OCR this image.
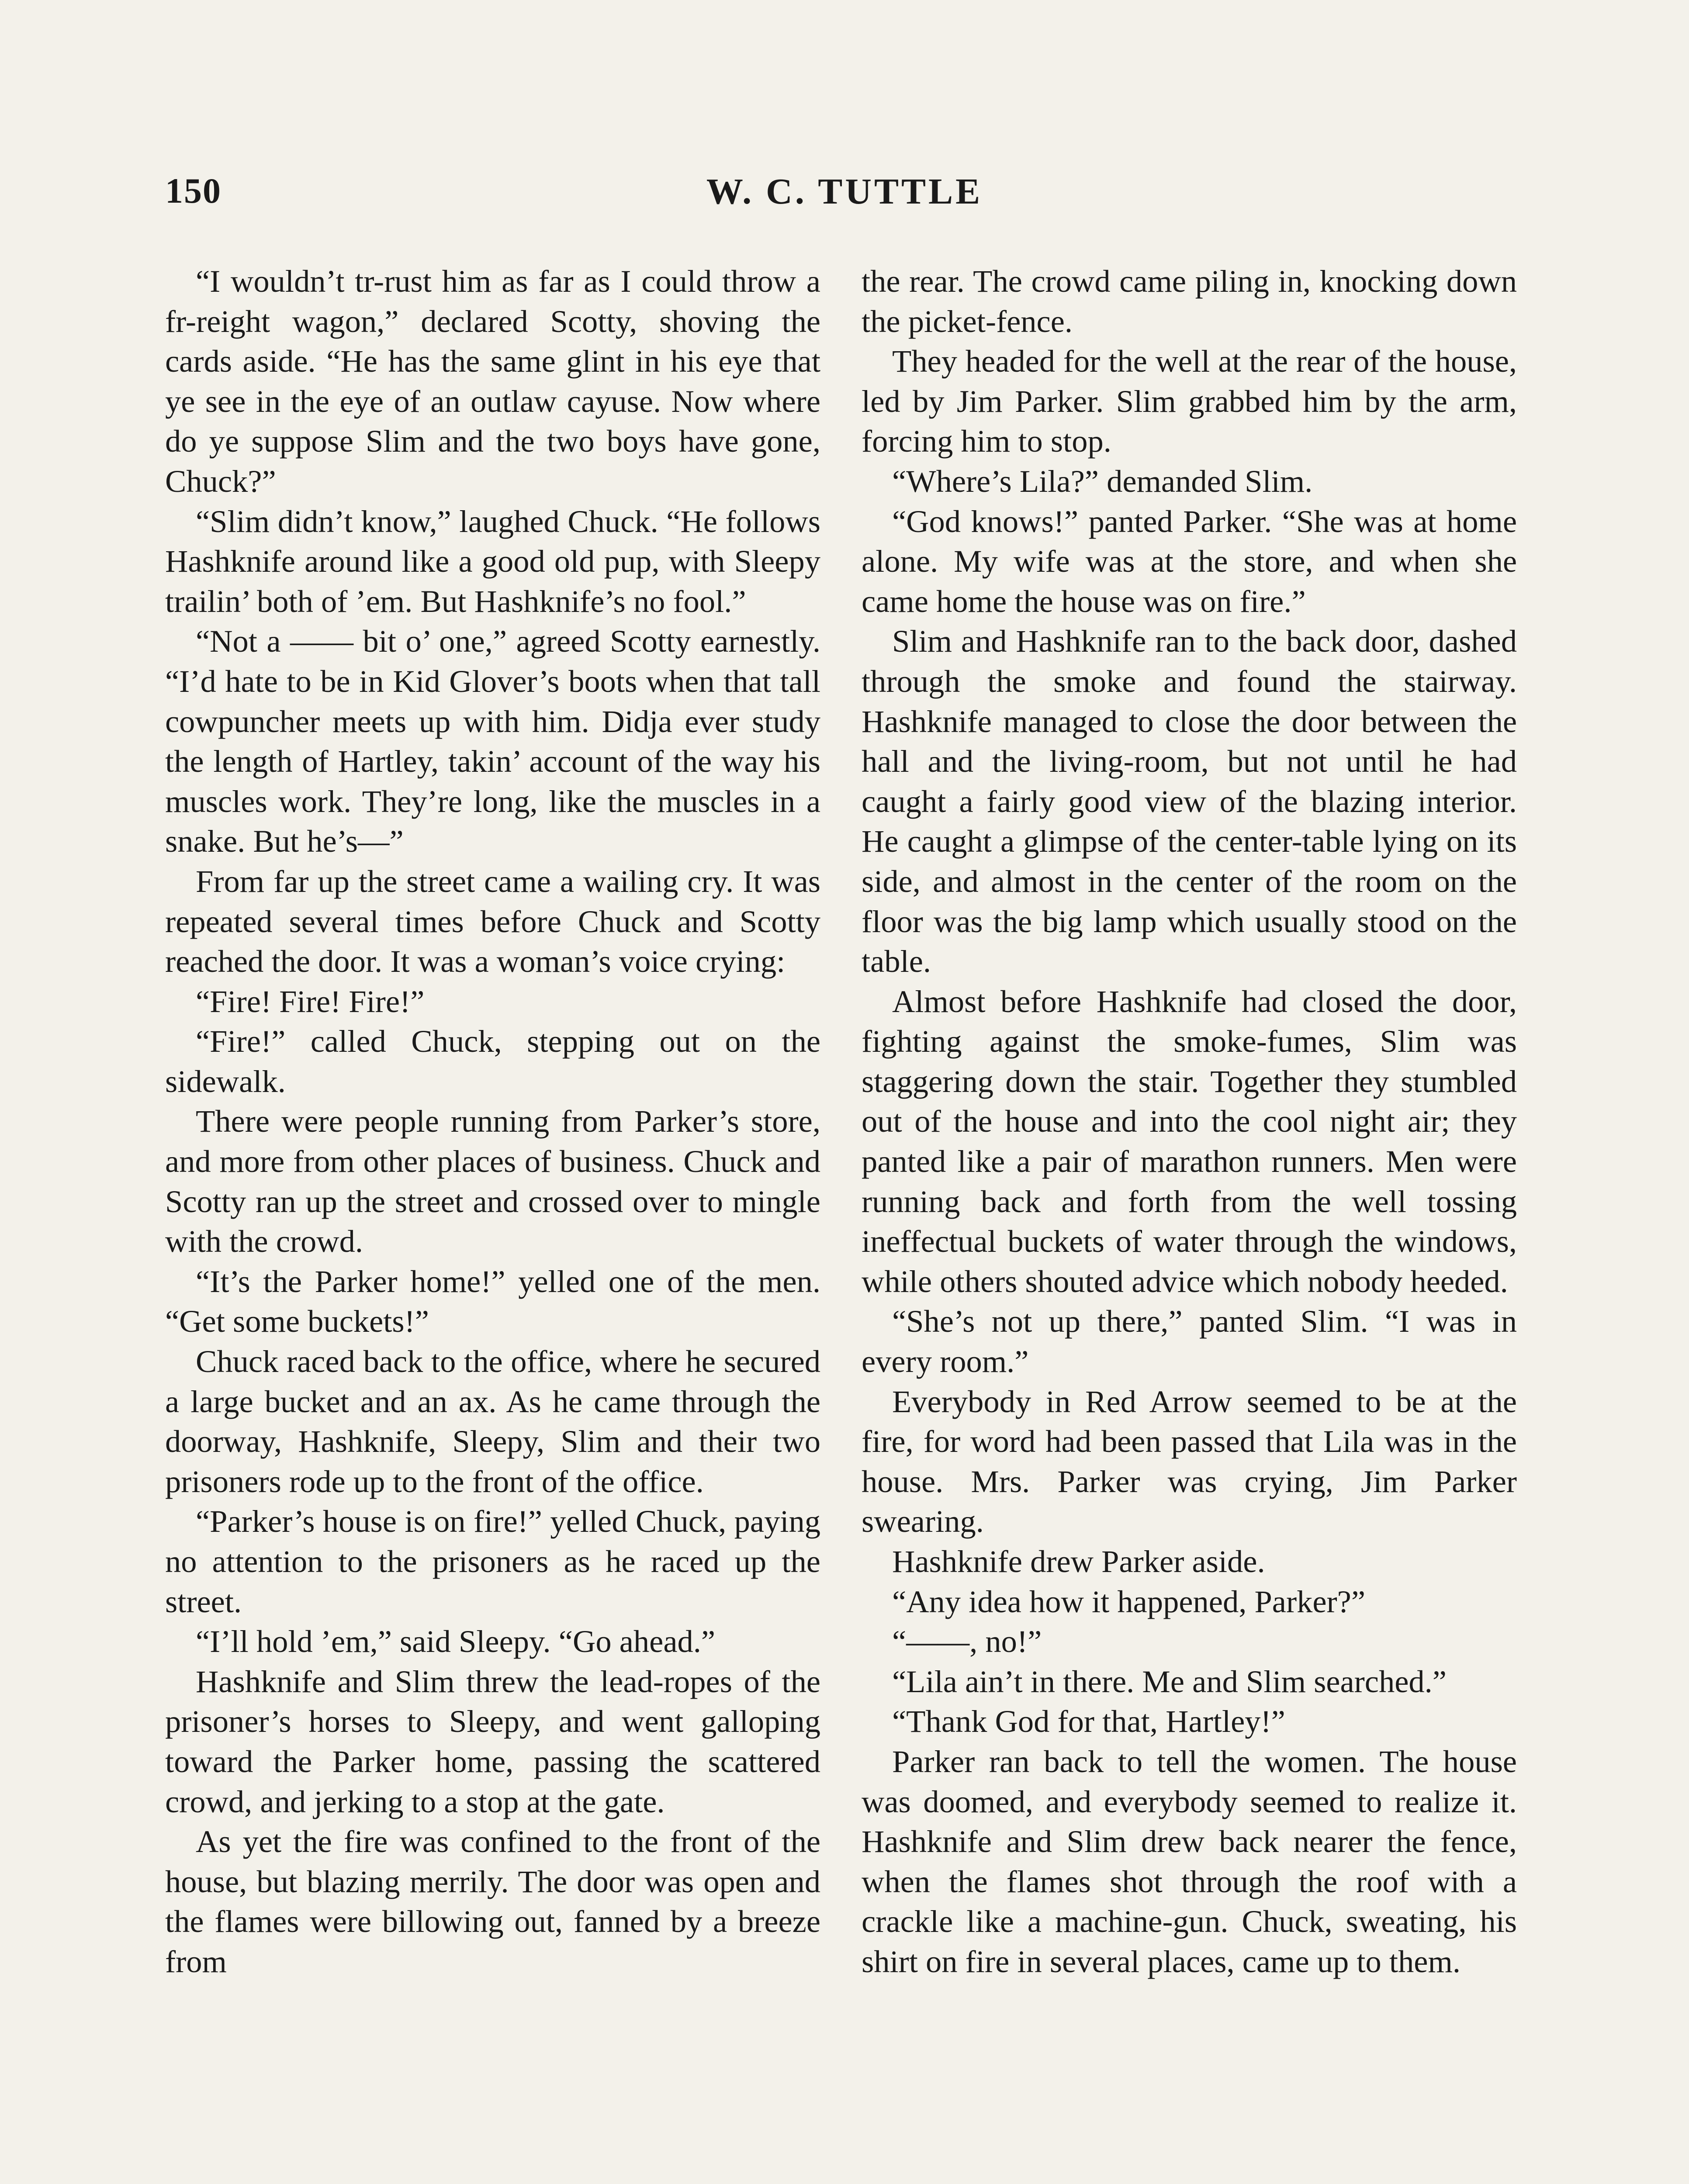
150	W. C. TUTTLE

“I wouldn’t tr-rust him as far as I could throw a fr-reight wagon,” declared Scotty, shoving the cards aside. “He has the same glint in his eye that ye see in the eye of an outlaw cayuse. Now where do ye suppose Slim and the two boys have gone, Chuck?”

“Slim didn’t know,” laughed Chuck. “He follows Hashknife around like a good old pup, with Sleepy trailin’ both of ’em. But Hashknife’s no fool.”

“Not a —— bit o’ one,” agreed Scotty earnestly. “I’d hate to be in Kid Glover’s boots when that tall cowpuncher meets up with him. Didja ever study the length of Hartley, takin’ account of the way his muscles work. They’re long, like the muscles in a snake. But he’s—”

From far up the street came a wailing cry. It was repeated several times before Chuck and Scotty reached the door. It was a woman’s voice crying:

“Fire! Fire! Fire!”

“Fire!” called Chuck, stepping out on the sidewalk.

There were people running from Parker’s store, and more from other places of business. Chuck and Scotty ran up the street and crossed over to mingle with the crowd.

“It’s the Parker home!” yelled one of the men. “Get some buckets!”

Chuck raced back to the office, where he secured a large bucket and an ax. As he came through the doorway, Hashknife, Sleepy, Slim and their two prisoners rode up to the front of the office.

“Parker’s house is on fire!” yelled Chuck, paying no attention to the prisoners as he raced up the street.

“I’ll hold ’em,” said Sleepy. “Go ahead.”

Hashknife and Slim threw the lead-ropes of the prisoner’s horses to Sleepy, and went galloping toward the Parker home, passing the scattered crowd, and jerking to a stop at the gate.

As yet the fire was confined to the front of the house, but blazing merrily. The door was open and the flames were billowing out, fanned by a breeze from

the rear. The crowd came piling in, knocking down the picket-fence.

They headed for the well at the rear of the house, led by Jim Parker. Slim grabbed him by the arm, forcing him to stop.

“Where’s Lila?” demanded Slim.

“God knows!” panted Parker. “She was at home alone. My wife was at the store, and when she came home the house was on fire.”

Slim and Hashknife ran to the back door, dashed through the smoke and found the stairway. Hashknife managed to close the door between the hall and the living-room, but not until he had caught a fairly good view of the blazing interior. He caught a glimpse of the center-table lying on its side, and almost in the center of the room on the floor was the big lamp which usually stood on the table.

Almost before Hashknife had closed the door, fighting against the smoke-fumes, Slim was staggering down the stair. Together they stumbled out of the house and into the cool night air; they panted like a pair of marathon runners. Men were running back and forth from the well tossing ineffectual buckets of water through the windows, while others shouted advice which nobody heeded.

“She’s not up there,” panted Slim. “I was in every room.”

Everybody in Red Arrow seemed to be at the fire, for word had been passed that Lila was in the house. Mrs. Parker was crying, Jim Parker swearing.

Hashknife drew Parker aside.

“Any idea how it happened, Parker?”

“——, no!”

“Lila ain’t in there. Me and Slim searched.”

“Thank God for that, Hartley!”

Parker ran back to tell the women. The house was doomed, and everybody seemed to realize it. Hashknife and Slim drew back nearer the fence, when the flames shot through the roof with a crackle like a machine-gun. Chuck, sweating, his shirt on fire in several places, came up to them.
